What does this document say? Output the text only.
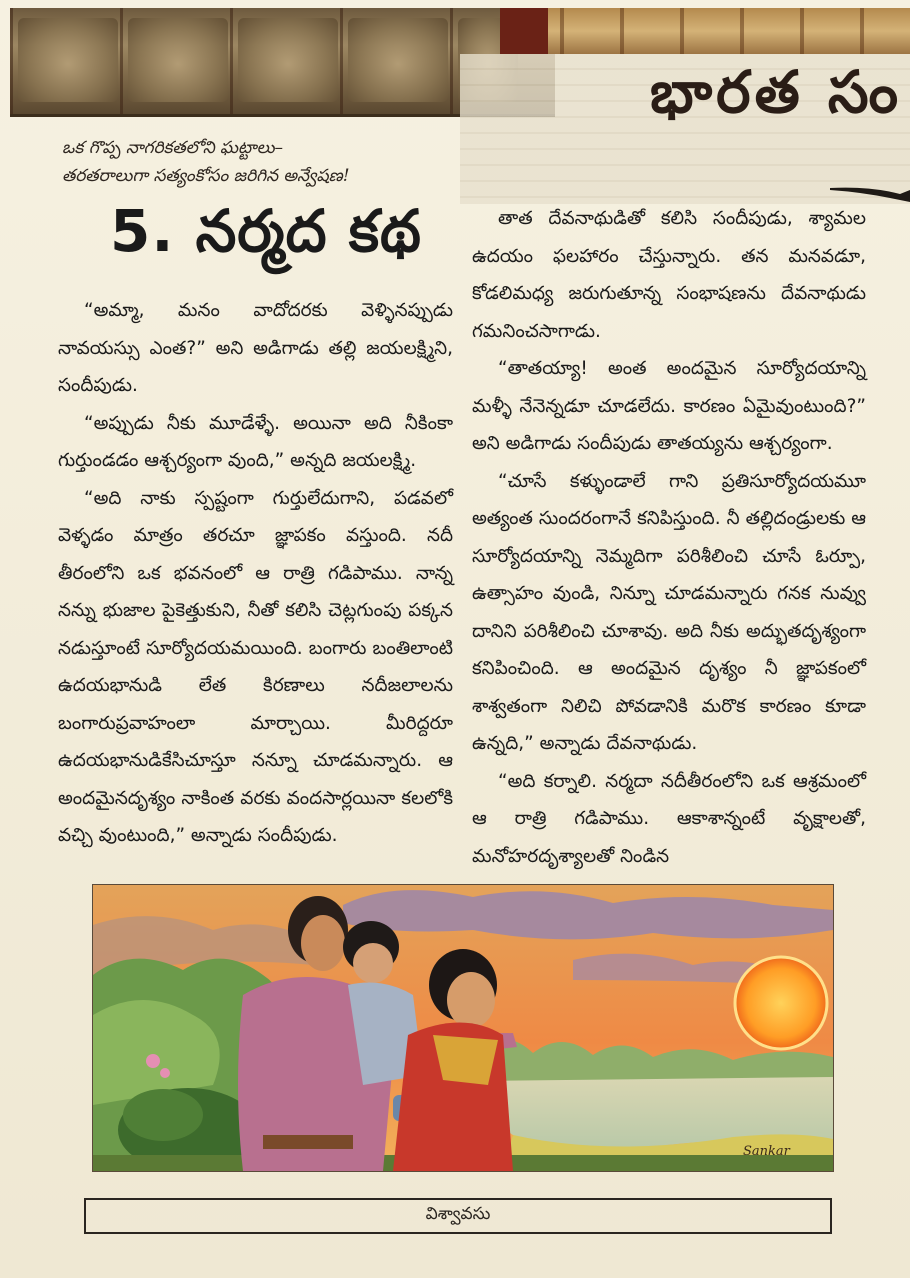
భారత సం
ఒక గొప్ప నాగరికతలోని ఘట్టాలు–
తరతరాలుగా సత్యంకోసం జరిగిన అన్వేషణ!
5. నర్మద కథ

“అమ్మా, మనం వాదోదరకు వెళ్ళినప్పుడు నావయస్సు ఎంత?” అని అడిగాడు తల్లి జయలక్ష్మిని, సందీపుడు.

“అప్పుడు నీకు మూడేళ్ళే. అయినా అది నీకింకా గుర్తుండడం ఆశ్చర్యంగా వుంది,” అన్నది జయలక్ష్మి.

“అది నాకు స్పష్టంగా గుర్తులేదుగాని, పడవలో వెళ్ళడం మాత్రం తరచూ జ్ఞాపకం వస్తుంది. నదీ తీరంలోని ఒక భవనంలో ఆ రాత్రి గడిపాము. నాన్న నన్ను భుజాల పైకెత్తుకుని, నీతో కలిసి చెట్లగుంపు పక్కన నడుస్తూంటే సూర్యోదయమయింది. బంగారు బంతిలాంటి ఉదయభానుడి లేత కిరణాలు నదీజలాలను బంగారుప్రవాహంలా మార్చాయి. మీరిద్దరూ ఉదయభానుడికేసిచూస్తూ నన్నూ చూడమన్నారు. ఆ అందమైనదృశ్యం నాకింత వరకు వందసార్లయినా కలలోకి వచ్చి వుంటుంది,” అన్నాడు సందీపుడు.

తాత దేవనాథుడితో కలిసి సందీపుడు, శ్యామల ఉదయం ఫలహారం చేస్తున్నారు. తన మనవడూ, కోడలిమధ్య జరుగుతూన్న సంభాషణను దేవనాథుడు గమనించసాగాడు.

“తాతయ్యా! అంత అందమైన సూర్యోదయాన్ని మళ్ళీ నేనెన్నడూ చూడలేదు. కారణం ఏమైవుంటుంది?” అని అడిగాడు సందీపుడు తాతయ్యను ఆశ్చర్యంగా.

“చూసే కళ్ళుండాలే గాని ప్రతిసూర్యోదయమూ అత్యంత సుందరంగానే కనిపిస్తుంది. నీ తల్లిదండ్రులకు ఆ సూర్యోదయాన్ని నెమ్మదిగా పరిశీలించి చూసే ఓర్పూ, ఉత్సాహం వుండి, నిన్నూ చూడమన్నారు గనక నువ్వు దానిని పరిశీలించి చూశావు. అది నీకు అద్భుతదృశ్యంగా కనిపించింది. ఆ అందమైన దృశ్యం నీ జ్ఞాపకంలో శాశ్వతంగా నిలిచి పోవడానికి మరొక కారణం కూడా ఉన్నది,” అన్నాడు దేవనాథుడు.

“అది కర్నాలి. నర్మదా నదీతీరంలోని ఒక ఆశ్రమంలో ఆ రాత్రి గడిపాము. ఆకాశాన్నంటే వృక్షాలతో, మనోహరదృశ్యాలతో నిండిన

Sankar
విశ్వావసు
